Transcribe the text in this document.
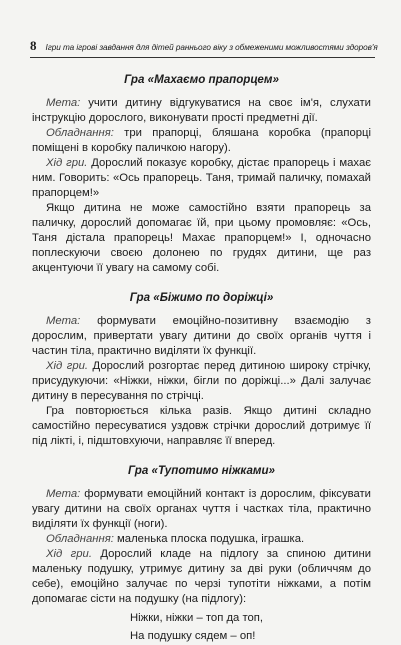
8 Ігри та ігрові завдання для дітей раннього віку з обмеженими можливостями здоров'я
Гра «Махаємо прапорцем»

Мета: учити дитину відгукуватися на своє ім'я, слухати інструкцію дорослого, виконувати прості предметні дії.

Обладнання: три прапорці, бляшана коробка (прапорці поміщені в коробку паличкою нагору).

Хід гри. Дорослий показує коробку, дістає прапорець і махає ним. Говорить: «Ось прапорець. Таня, тримай паличку, помахай прапорцем!»

Якщо дитина не може самостійно взяти прапорець за паличку, дорослий допомагає їй, при цьому промовляє: «Ось, Таня дістала прапорець! Махає прапорцем!» І, одночасно поплескуючи своєю долонею по грудях дитини, ще раз акцентуючи її увагу на самому собі.

Гра «Біжимо по доріжці»

Мета: формувати емоційно-позитивну взаємодію з дорослим, привертати увагу дитини до своїх органів чуття і частин тіла, практично виділяти їх функції.

Хід гри. Дорослий розгортає перед дитиною широку стрічку, присудукуючи: «Ніжки, ніжки, бігли по доріжці...» Далі залучає дитину в пересування по стрічці.

Гра повторюється кілька разів. Якщо дитині складно самостійно пересуватися уздовж стрічки дорослий дотримує її під лікті, і, підштовхуючи, направляє її вперед.

Гра «Тупотимо ніжками»

Мета: формувати емоційний контакт із дорослим, фіксувати увагу дитини на своїх органах чуття і частках тіла, практично виділяти їх функції (ноги).

Обладнання: маленька плоска подушка, іграшка.

Хід гри. Дорослий кладе на підлогу за спиною дитини маленьку подушку, утримує дитину за дві руки (обличчям до себе), емоційно залучає по черзі тупотіти ніжками, а потім допомагає сісти на подушку (на підлогу):

Ніжки, ніжки – топ да топ,
На подушку сядем – оп!
